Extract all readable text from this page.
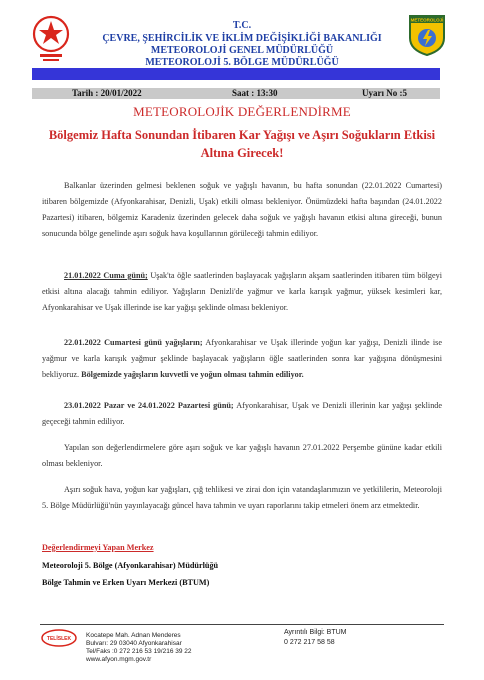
METEOROLOJİ
T.C.
ÇEVRE, ŞEHİRCİLİK VE İKLİM DEĞİŞİKLİĞİ BAKANLIĞI
METEOROLOJİ GENEL MÜDÜRLÜĞÜ
METEOROLOJİ 5. BÖLGE MÜDÜRLÜĞÜ
Tarih : 20/01/2022	Saat : 13:30	Uyarı No :5
METEOROLOJİK DEĞERLENDİRME
Bölgemiz Hafta Sonundan İtibaren Kar Yağışı ve Aşırı Soğukların Etkisi Altına Girecek!
Balkanlar üzerinden gelmesi beklenen soğuk ve yağışlı havanın, bu hafta sonundan (22.01.2022 Cumartesi) itibaren bölgemizde (Afyonkarahisar, Denizli, Uşak) etkili olması bekleniyor. Önümüzdeki hafta başından (24.01.2022 Pazartesi) itibaren, bölgemiz Karadeniz üzerinden gelecek daha soğuk ve yağışlı havanın etkisi altına gireceği, bunun sonucunda bölge genelinde aşırı soğuk hava koşullarının görüleceği tahmin ediliyor.
21.01.2022 Cuma günü; Uşak'ta öğle saatlerinden başlayacak yağışların akşam saatlerinden itibaren tüm bölgeyi etkisi altına alacağı tahmin ediliyor. Yağışların Denizli'de yağmur ve karla karışık yağmur, yüksek kesimleri kar, Afyonkarahisar ve Uşak illerinde ise kar yağışı şeklinde olması bekleniyor.
22.01.2022 Cumartesi günü yağışların; Afyonkarahisar ve Uşak illerinde yoğun kar yağışı, Denizli ilinde ise yağmur ve karla karışık yağmur şeklinde başlayacak yağışların öğle saatlerinden sonra kar yağışına dönüşmesini bekliyoruz. Bölgemizde yağışların kuvvetli ve yoğun olması tahmin ediliyor.
23.01.2022 Pazar ve 24.01.2022 Pazartesi günü; Afyonkarahisar, Uşak ve Denizli illerinin kar yağışı şeklinde geçeceği tahmin ediliyor.
Yapılan son değerlendirmelere göre aşırı soğuk ve kar yağışlı havanın 27.01.2022 Perşembe gününe kadar etkili olması bekleniyor.
Aşırı soğuk hava, yoğun kar yağışları, çığ tehlikesi ve zirai don için vatandaşlarımızın ve yetkililerin, Meteoroloji 5. Bölge Müdürlüğü'nün yayınlayacağı güncel hava tahmin ve uyarı raporlarını takip etmeleri önem arz etmektedir.
Değerlendirmeyi Yapan Merkez
Meteoroloji 5. Bölge (Afyonkarahisar) Müdürlüğü
Bölge Tahmin ve Erken Uyarı Merkezi (BTUM)
TELİSLEK Kocatepe Mah. Adnan Menderes
Bulvarı: 29 03040 Afyonkarahisar
Tel/Faks :0 272 216 53 19/216 39 22
www.afyon.mgm.gov.tr
Ayrıntılı Bilgi: BTUM
0 272 217 58 58
